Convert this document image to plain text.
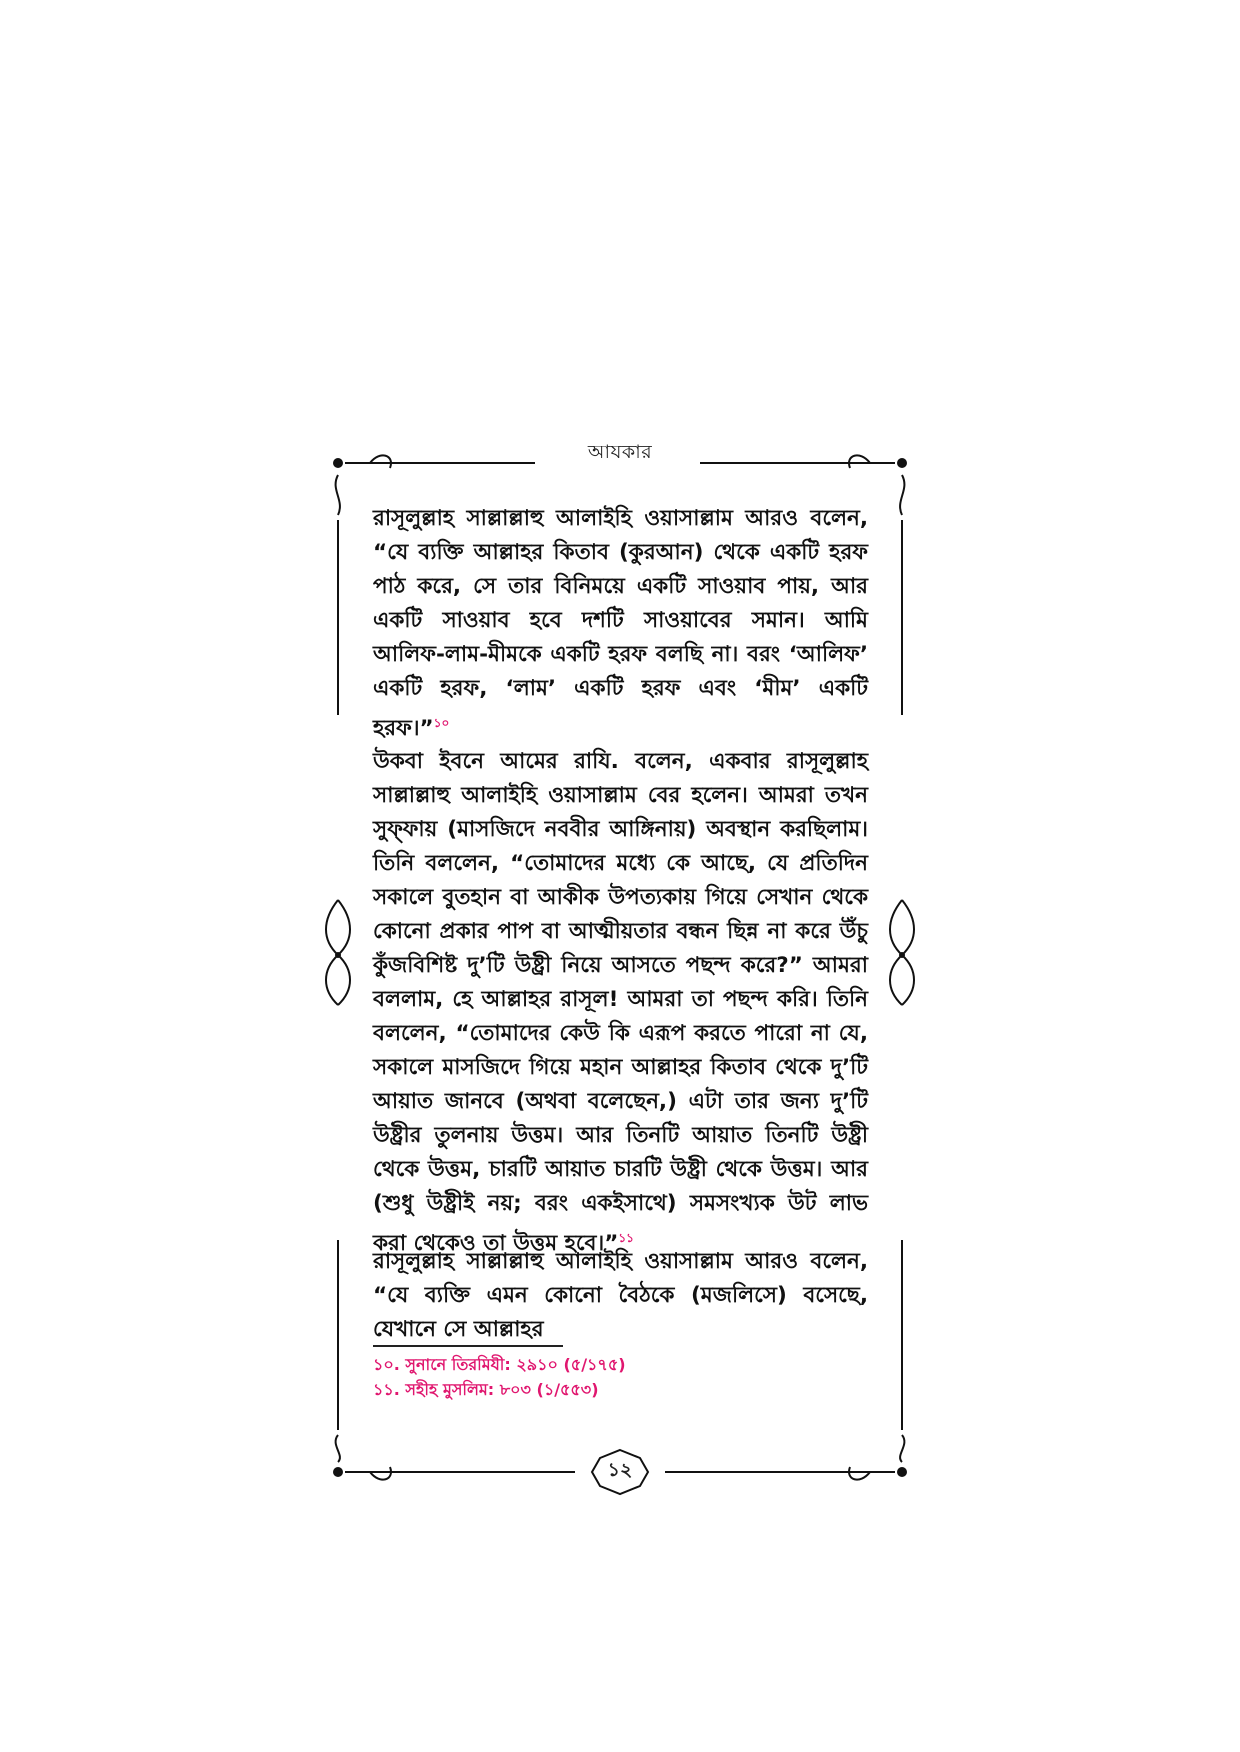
আযকার

রাসূলুল্লাহ সাল্লাল্লাহু আলাইহি ওয়াসাল্লাম আরও বলেন, “যে ব্যক্তি আল্লাহর কিতাব (কুরআন) থেকে একটি হরফ পাঠ করে, সে তার বিনিময়ে একটি সাওয়াব পায়, আর একটি সাওয়াব হবে দশটি সাওয়াবের সমান। আমি আলিফ-লাম-মীমকে একটি হরফ বলছি না। বরং ‘আলিফ’ একটি হরফ, ‘লাম’ একটি হরফ এবং ‘মীম’ একটি হরফ।”$^{১০}$

উকবা ইবনে আমের রাযি. বলেন, একবার রাসূলুল্লাহ সাল্লাল্লাহু আলাইহি ওয়াসাল্লাম বের হলেন। আমরা তখন সুফ্‌ফায় (মাসজিদে নববীর আঙ্গিনায়) অবস্থান করছিলাম। তিনি বললেন, “তোমাদের মধ্যে কে আছে, যে প্রতিদিন সকালে বুতহান বা আকীক উপত্যকায় গিয়ে সেখান থেকে কোনো প্রকার পাপ বা আত্মীয়তার বন্ধন ছিন্ন না করে উঁচু কুঁজবিশিষ্ট দু’টি উষ্ট্রী নিয়ে আসতে পছন্দ করে?” আমরা বললাম, হে আল্লাহর রাসূল! আমরা তা পছন্দ করি। তিনি বললেন, “তোমাদের কেউ কি এরূপ করতে পারো না যে, সকালে মাসজিদে গিয়ে মহান আল্লাহর কিতাব থেকে দু’টি আয়াত জানবে (অথবা বলেছেন,) এটা তার জন্য দু’টি উষ্ট্রীর তুলনায় উত্তম। আর তিনটি আয়াত তিনটি উষ্ট্রী থেকে উত্তম, চারটি আয়াত চারটি উষ্ট্রী থেকে উত্তম। আর (শুধু উষ্ট্রীই নয়; বরং একইসাথে) সমসংখ্যক উট লাভ করা থেকেও তা উত্তম হবে।”$^{১১}$

রাসূলুল্লাহ সাল্লাল্লাহু আলাইহি ওয়াসাল্লাম আরও বলেন, “যে ব্যক্তি এমন কোনো বৈঠকে (মজলিসে) বসেছে, যেখানে সে আল্লাহর

১০. সুনানে তিরমিযী: ২৯১০ (৫/১৭৫)
১১. সহীহ মুসলিম: ৮০৩ (১/৫৫৩)
১২
